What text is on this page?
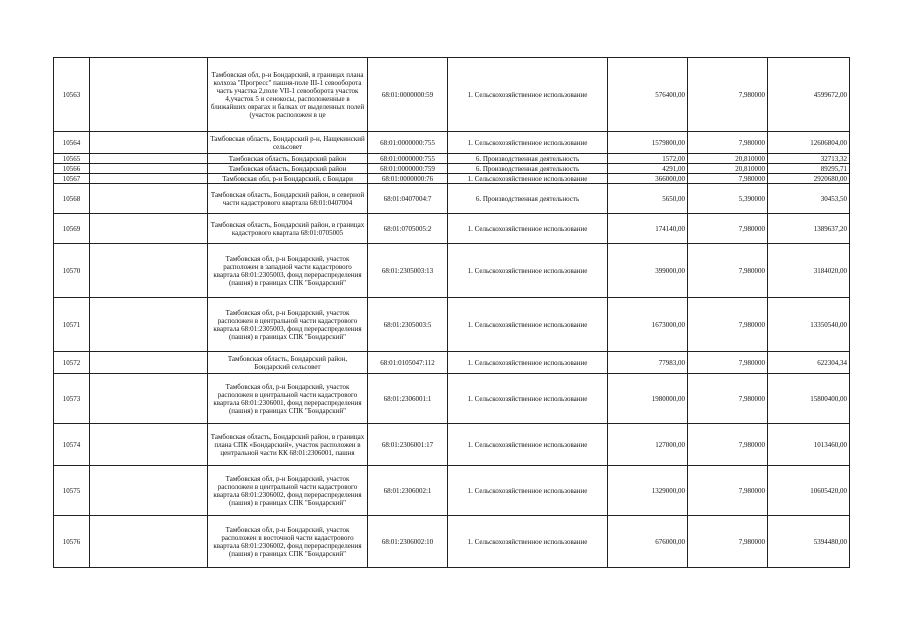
10563		Тамбовская обл, р-н Бондарский, в границах плана колхоза "Прогресс" пашня-поле III-1 севооборота часть участка 2,поле VII-1 севооборота участок 4,участок 5 и сенокосы, расположенные в ближайших оврагах и балках от выделенных полей (участок расположен в це	68:01:0000000:59	1. Сельскохозяйственное использование	576400,00	7,980000	4599672,00
10564		Тамбовская область, Бондарский р-н, Нащекинский сельсовет	68:01:0000000:755	1. Сельскохозяйственное использование	1579800,00	7,980000	12606804,00
10565		Тамбовская область, Бондарский район	68:01:0000000:755	6. Производственная деятельность	1572,00	20,810000	32713,32
10566		Тамбовская область, Бондарский район	68:01:0000000:759	6. Производственная деятельность	4291,00	20,810000	89295,71
10567		Тамбовская обл, р-н Бондарский, с Бондари	68:01:0000000:76	1. Сельскохозяйственное использование	366000,00	7,980000	2920680,00
10568		Тамбовская область, Бондарский район, в северной части кадастрового квартала 68:01:0407004	68:01:0407004:7	6. Производственная деятельность	5650,00	5,390000	30453,50
10569		Тамбовская область, Бондарский район, в границах кадастрового квартала 68:01:0705005	68:01:0705005:2	1. Сельскохозяйственное использование	174140,00	7,980000	1389637,20
10570		Тамбовская обл, р-н Бондарский, участок расположен в западной части кадастрового квартала 68:01:2305003, фонд перераспределения (пашня) в границах СПК "Бондарский"	68:01:2305003:13	1. Сельскохозяйственное использование	399000,00	7,980000	3184020,00
10571		Тамбовская обл, р-н Бондарский, участок расположен в центральной части кадастрового квартала 68:01:2305003, фонд перераспределения (пашня) в границах СПК "Бондарский"	68:01:2305003:5	1. Сельскохозяйственное использование	1673000,00	7,980000	13350540,00
10572		Тамбовская область, Бондарский район, Бондарский сельсовет	68:01:0105047:112	1. Сельскохозяйственное использование	77983,00	7,980000	622304,34
10573		Тамбовская обл, р-н Бондарский, участок расположен в центральной части кадастрового квартала 68:01:2306001, фонд перераспределения (пашня) в границах СПК "Бондарский"	68:01:2306001:1	1. Сельскохозяйственное использование	1980000,00	7,980000	15800400,00
10574		Тамбовская область, Бондарский район, в границах плана СПК «Бондарский», участок расположен в центральной части КК 68:01:2306001, пашня	68:01:2306001:17	1. Сельскохозяйственное использование	127000,00	7,980000	1013460,00
10575		Тамбовская обл, р-н Бондарский, участок расположен в центральной части кадастрового квартала 68:01:2306002, фонд перераспределения (пашня) в границах СПК "Бондарский"	68:01:2306002:1	1. Сельскохозяйственное использование	1329000,00	7,980000	10605420,00
10576		Тамбовская обл, р-н Бондарский, участок расположен в восточной части кадастрового квартала 68:01:2306002, фонд перераспределения (пашня) в границах СПК "Бондарский"	68:01:2306002:10	1. Сельскохозяйственное использование	676000,00	7,980000	5394480,00
